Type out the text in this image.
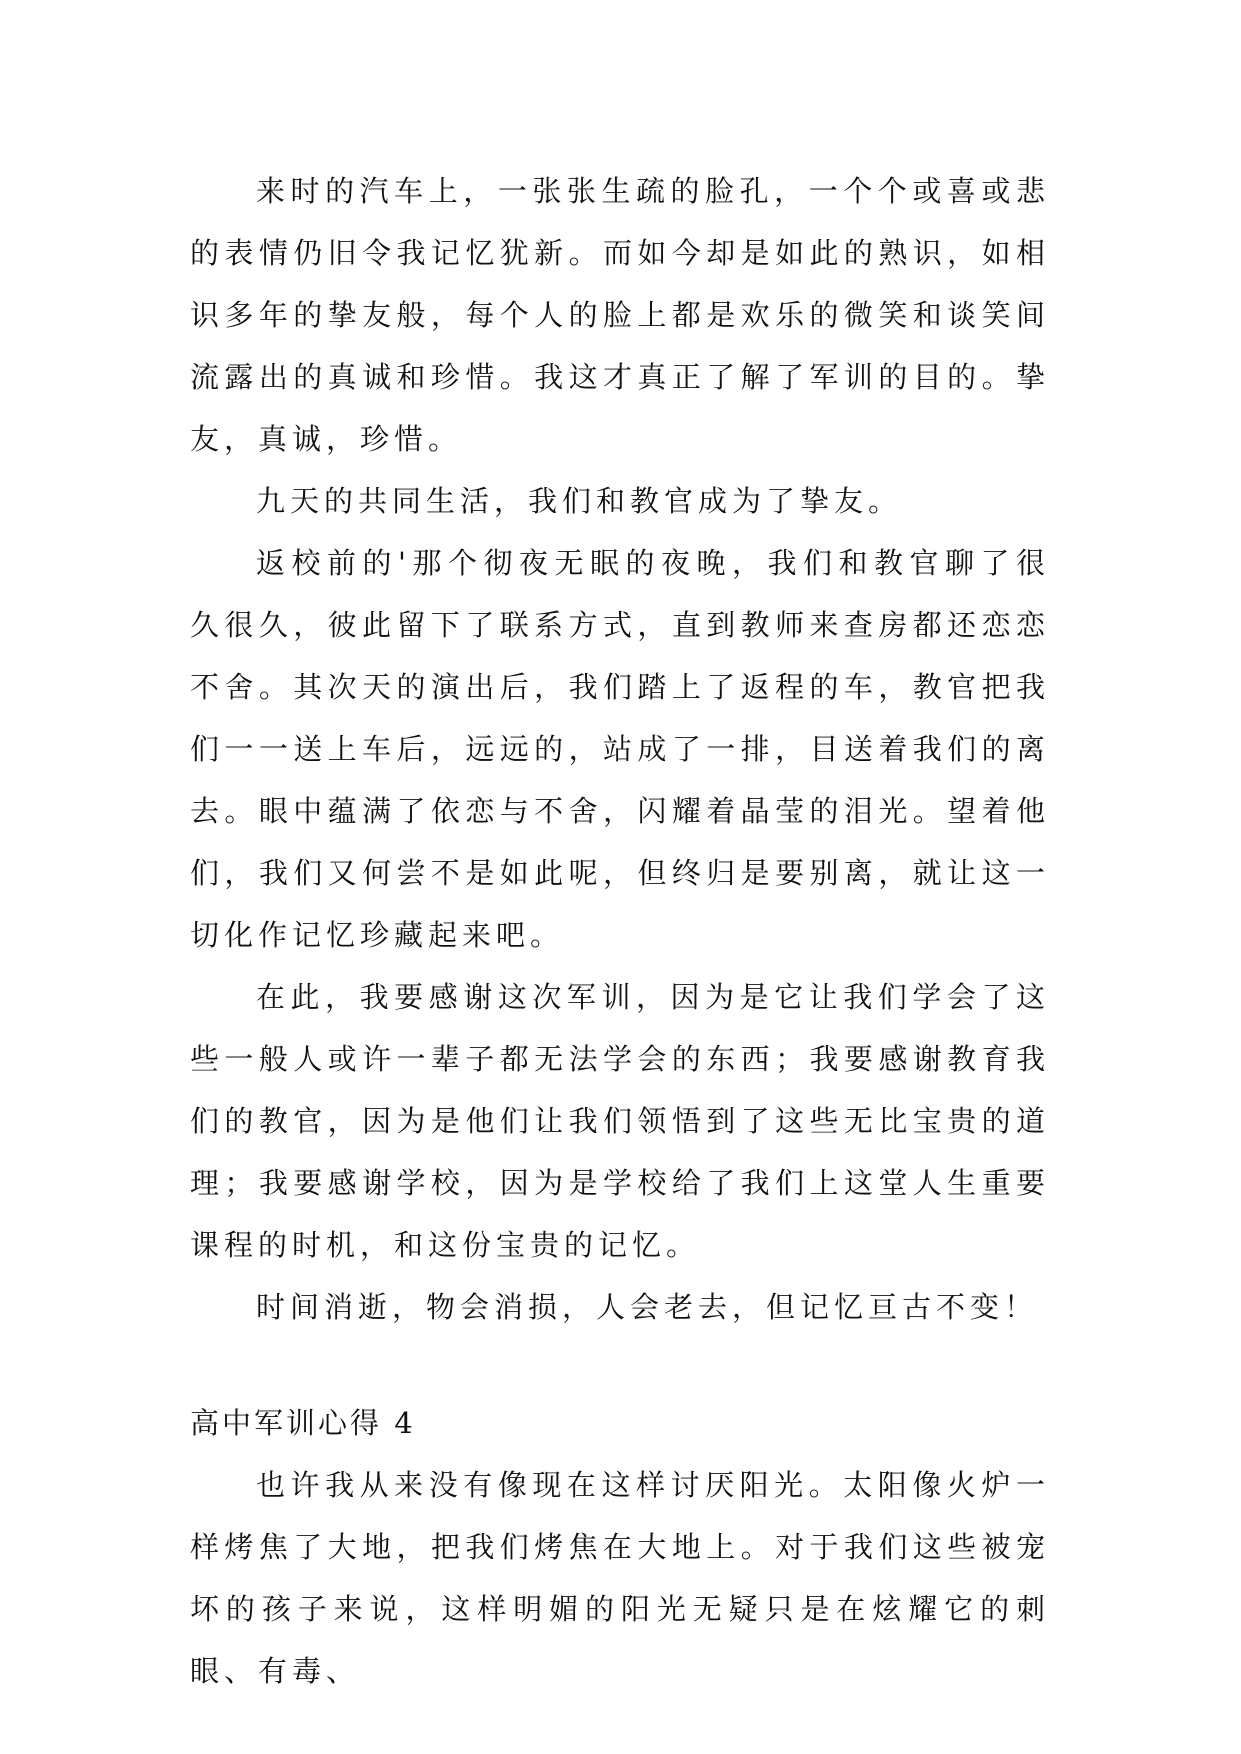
来时的汽车上，一张张生疏的脸孔，一个个或喜或悲的表情仍旧令我记忆犹新。而如今却是如此的熟识，如相识多年的挚友般，每个人的脸上都是欢乐的微笑和谈笑间流露出的真诚和珍惜。我这才真正了解了军训的目的。挚友，真诚，珍惜。

九天的共同生活，我们和教官成为了挚友。

返校前的'那个彻夜无眠的夜晚，我们和教官聊了很久很久，彼此留下了联系方式，直到教师来查房都还恋恋不舍。其次天的演出后，我们踏上了返程的车，教官把我们一一送上车后，远远的，站成了一排，目送着我们的离去。眼中蕴满了依恋与不舍，闪耀着晶莹的泪光。望着他们，我们又何尝不是如此呢，但终归是要别离，就让这一切化作记忆珍藏起来吧。

在此，我要感谢这次军训，因为是它让我们学会了这些一般人或许一辈子都无法学会的东西；我要感谢教育我们的教官，因为是他们让我们领悟到了这些无比宝贵的道理；我要感谢学校，因为是学校给了我们上这堂人生重要课程的时机，和这份宝贵的记忆。

时间消逝，物会消损，人会老去，但记忆亘古不变！

高中军训心得 4

也许我从来没有像现在这样讨厌阳光。太阳像火炉一样烤焦了大地，把我们烤焦在大地上。对于我们这些被宠坏的孩子来说，这样明媚的阳光无疑只是在炫耀它的刺眼、有毒、
